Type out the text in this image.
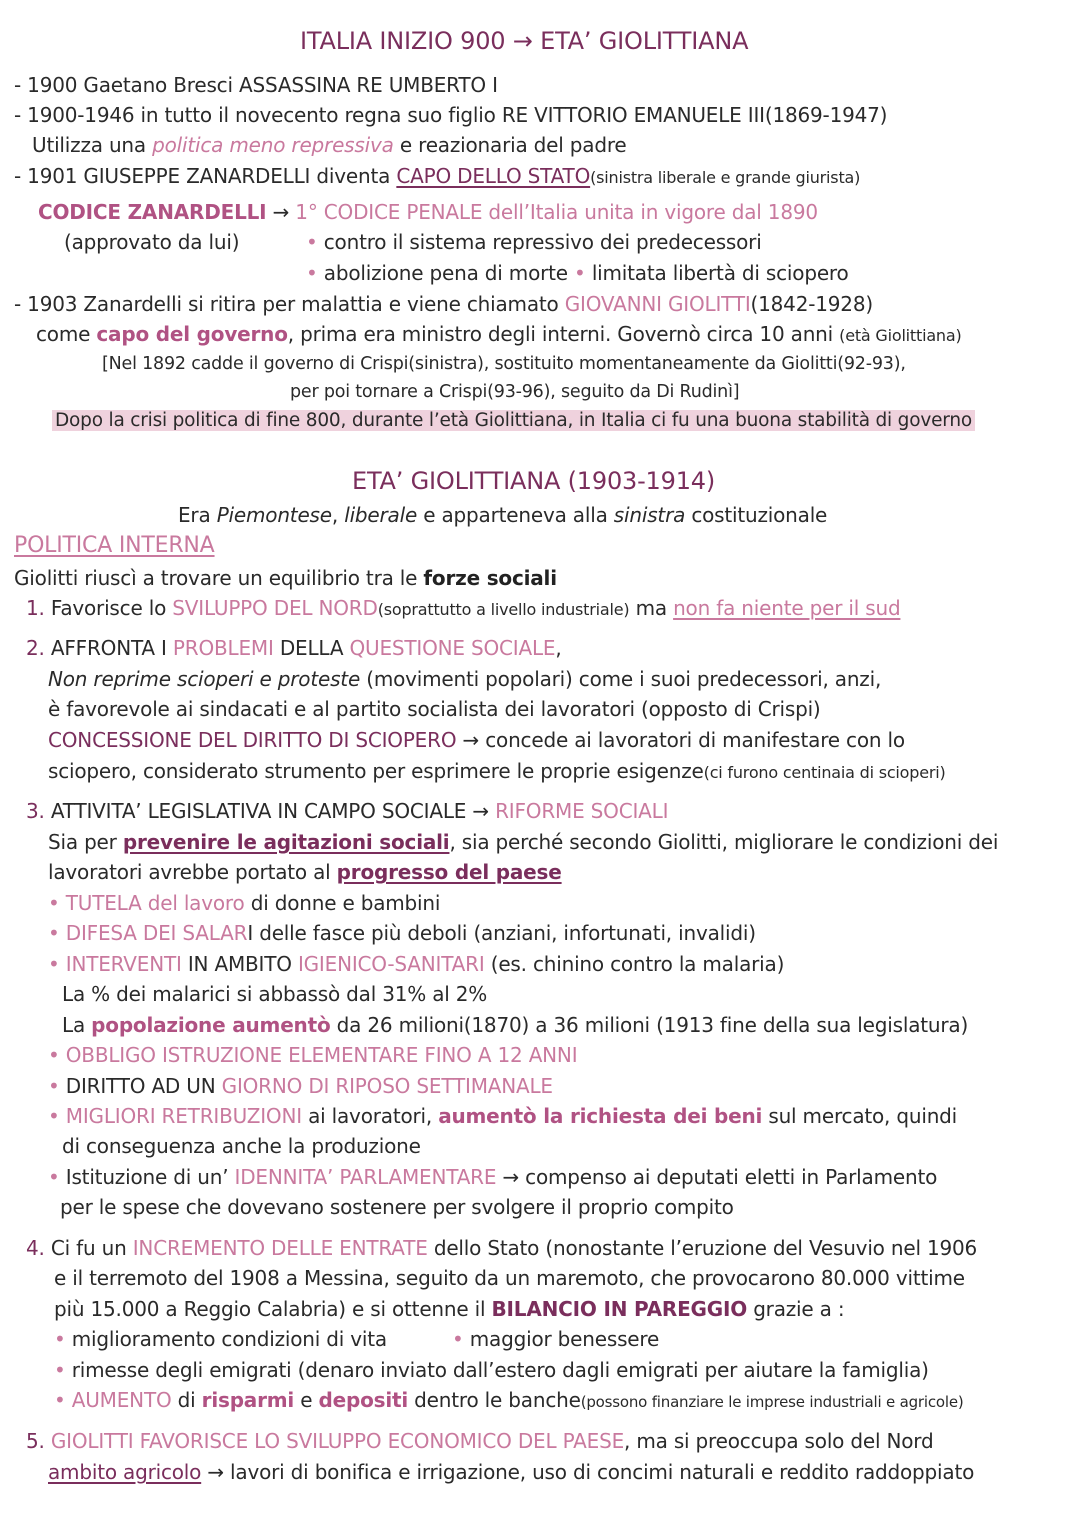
ITALIA INIZIO 900 → ETA’ GIOLITTIANA
- 1900 Gaetano Bresci ASSASSINA RE UMBERTO I
- 1900-1946 in tutto il novecento regna suo figlio RE VITTORIO EMANUELE III(1869-1947)
Utilizza una politica meno repressiva e reazionaria del padre
- 1901 GIUSEPPE ZANARDELLI diventa CAPO DELLO STATO(sinistra liberale e grande giurista)
CODICE ZANARDELLI → 1° CODICE PENALE dell’Italia unita in vigore dal 1890
(approvato da lui)	• contro il sistema repressivo dei predecessori
• abolizione pena di morte • limitata libertà di sciopero
- 1903 Zanardelli si ritira per malattia e viene chiamato GIOVANNI GIOLITTI(1842-1928)
come capo del governo, prima era ministro degli interni. Governò circa 10 anni (età Giolittiana)
[Nel 1892 cadde il governo di Crispi(sinistra), sostituito momentaneamente da Giolitti(92-93),
per poi tornare a Crispi(93-96), seguito da Di Rudinì]
Dopo la crisi politica di fine 800, durante l’età Giolittiana, in Italia ci fu una buona stabilità di governo
ETA’ GIOLITTIANA (1903-1914)
Era Piemontese, liberale e apparteneva alla sinistra costituzionale
POLITICA INTERNA
Giolitti riuscì a trovare un equilibrio tra le forze sociali
1. Favorisce lo SVILUPPO DEL NORD(soprattutto a livello industriale) ma non fa niente per il sud
2. AFFRONTA I PROBLEMI DELLA QUESTIONE SOCIALE,
Non reprime scioperi e proteste (movimenti popolari) come i suoi predecessori, anzi,
è favorevole ai sindacati e al partito socialista dei lavoratori (opposto di Crispi)
CONCESSIONE DEL DIRITTO DI SCIOPERO → concede ai lavoratori di manifestare con lo
sciopero, considerato strumento per esprimere le proprie esigenze(ci furono centinaia di scioperi)
3. ATTIVITA’ LEGISLATIVA IN CAMPO SOCIALE → RIFORME SOCIALI
Sia per prevenire le agitazioni sociali, sia perché secondo Giolitti, migliorare le condizioni dei
lavoratori avrebbe portato al progresso del paese
• TUTELA del lavoro di donne e bambini
• DIFESA DEI SALARI delle fasce più deboli (anziani, infortunati, invalidi)
• INTERVENTI IN AMBITO IGIENICO-SANITARI (es. chinino contro la malaria)
La % dei malarici si abbassò dal 31% al 2%
La popolazione aumentò da 26 milioni(1870) a 36 milioni (1913 fine della sua legislatura)
• OBBLIGO ISTRUZIONE ELEMENTARE FINO A 12 ANNI
• DIRITTO AD UN GIORNO DI RIPOSO SETTIMANALE
• MIGLIORI RETRIBUZIONI ai lavoratori, aumentò la richiesta dei beni sul mercato, quindi
di conseguenza anche la produzione
• Istituzione di un’ IDENNITA’ PARLAMENTARE → compenso ai deputati eletti in Parlamento
per le spese che dovevano sostenere per svolgere il proprio compito
4. Ci fu un INCREMENTO DELLE ENTRATE dello Stato (nonostante l’eruzione del Vesuvio nel 1906
e il terremoto del 1908 a Messina, seguito da un maremoto, che provocarono 80.000 vittime
più 15.000 a Reggio Calabria) e si ottenne il BILANCIO IN PAREGGIO grazie a :
• miglioramento condizioni di vita	• maggior benessere
• rimesse degli emigrati (denaro inviato dall’estero dagli emigrati per aiutare la famiglia)
• AUMENTO di risparmi e depositi dentro le banche(possono finanziare le imprese industriali e agricole)
5. GIOLITTI FAVORISCE LO SVILUPPO ECONOMICO DEL PAESE, ma si preoccupa solo del Nord
ambito agricolo → lavori di bonifica e irrigazione, uso di concimi naturali e reddito raddoppiato
